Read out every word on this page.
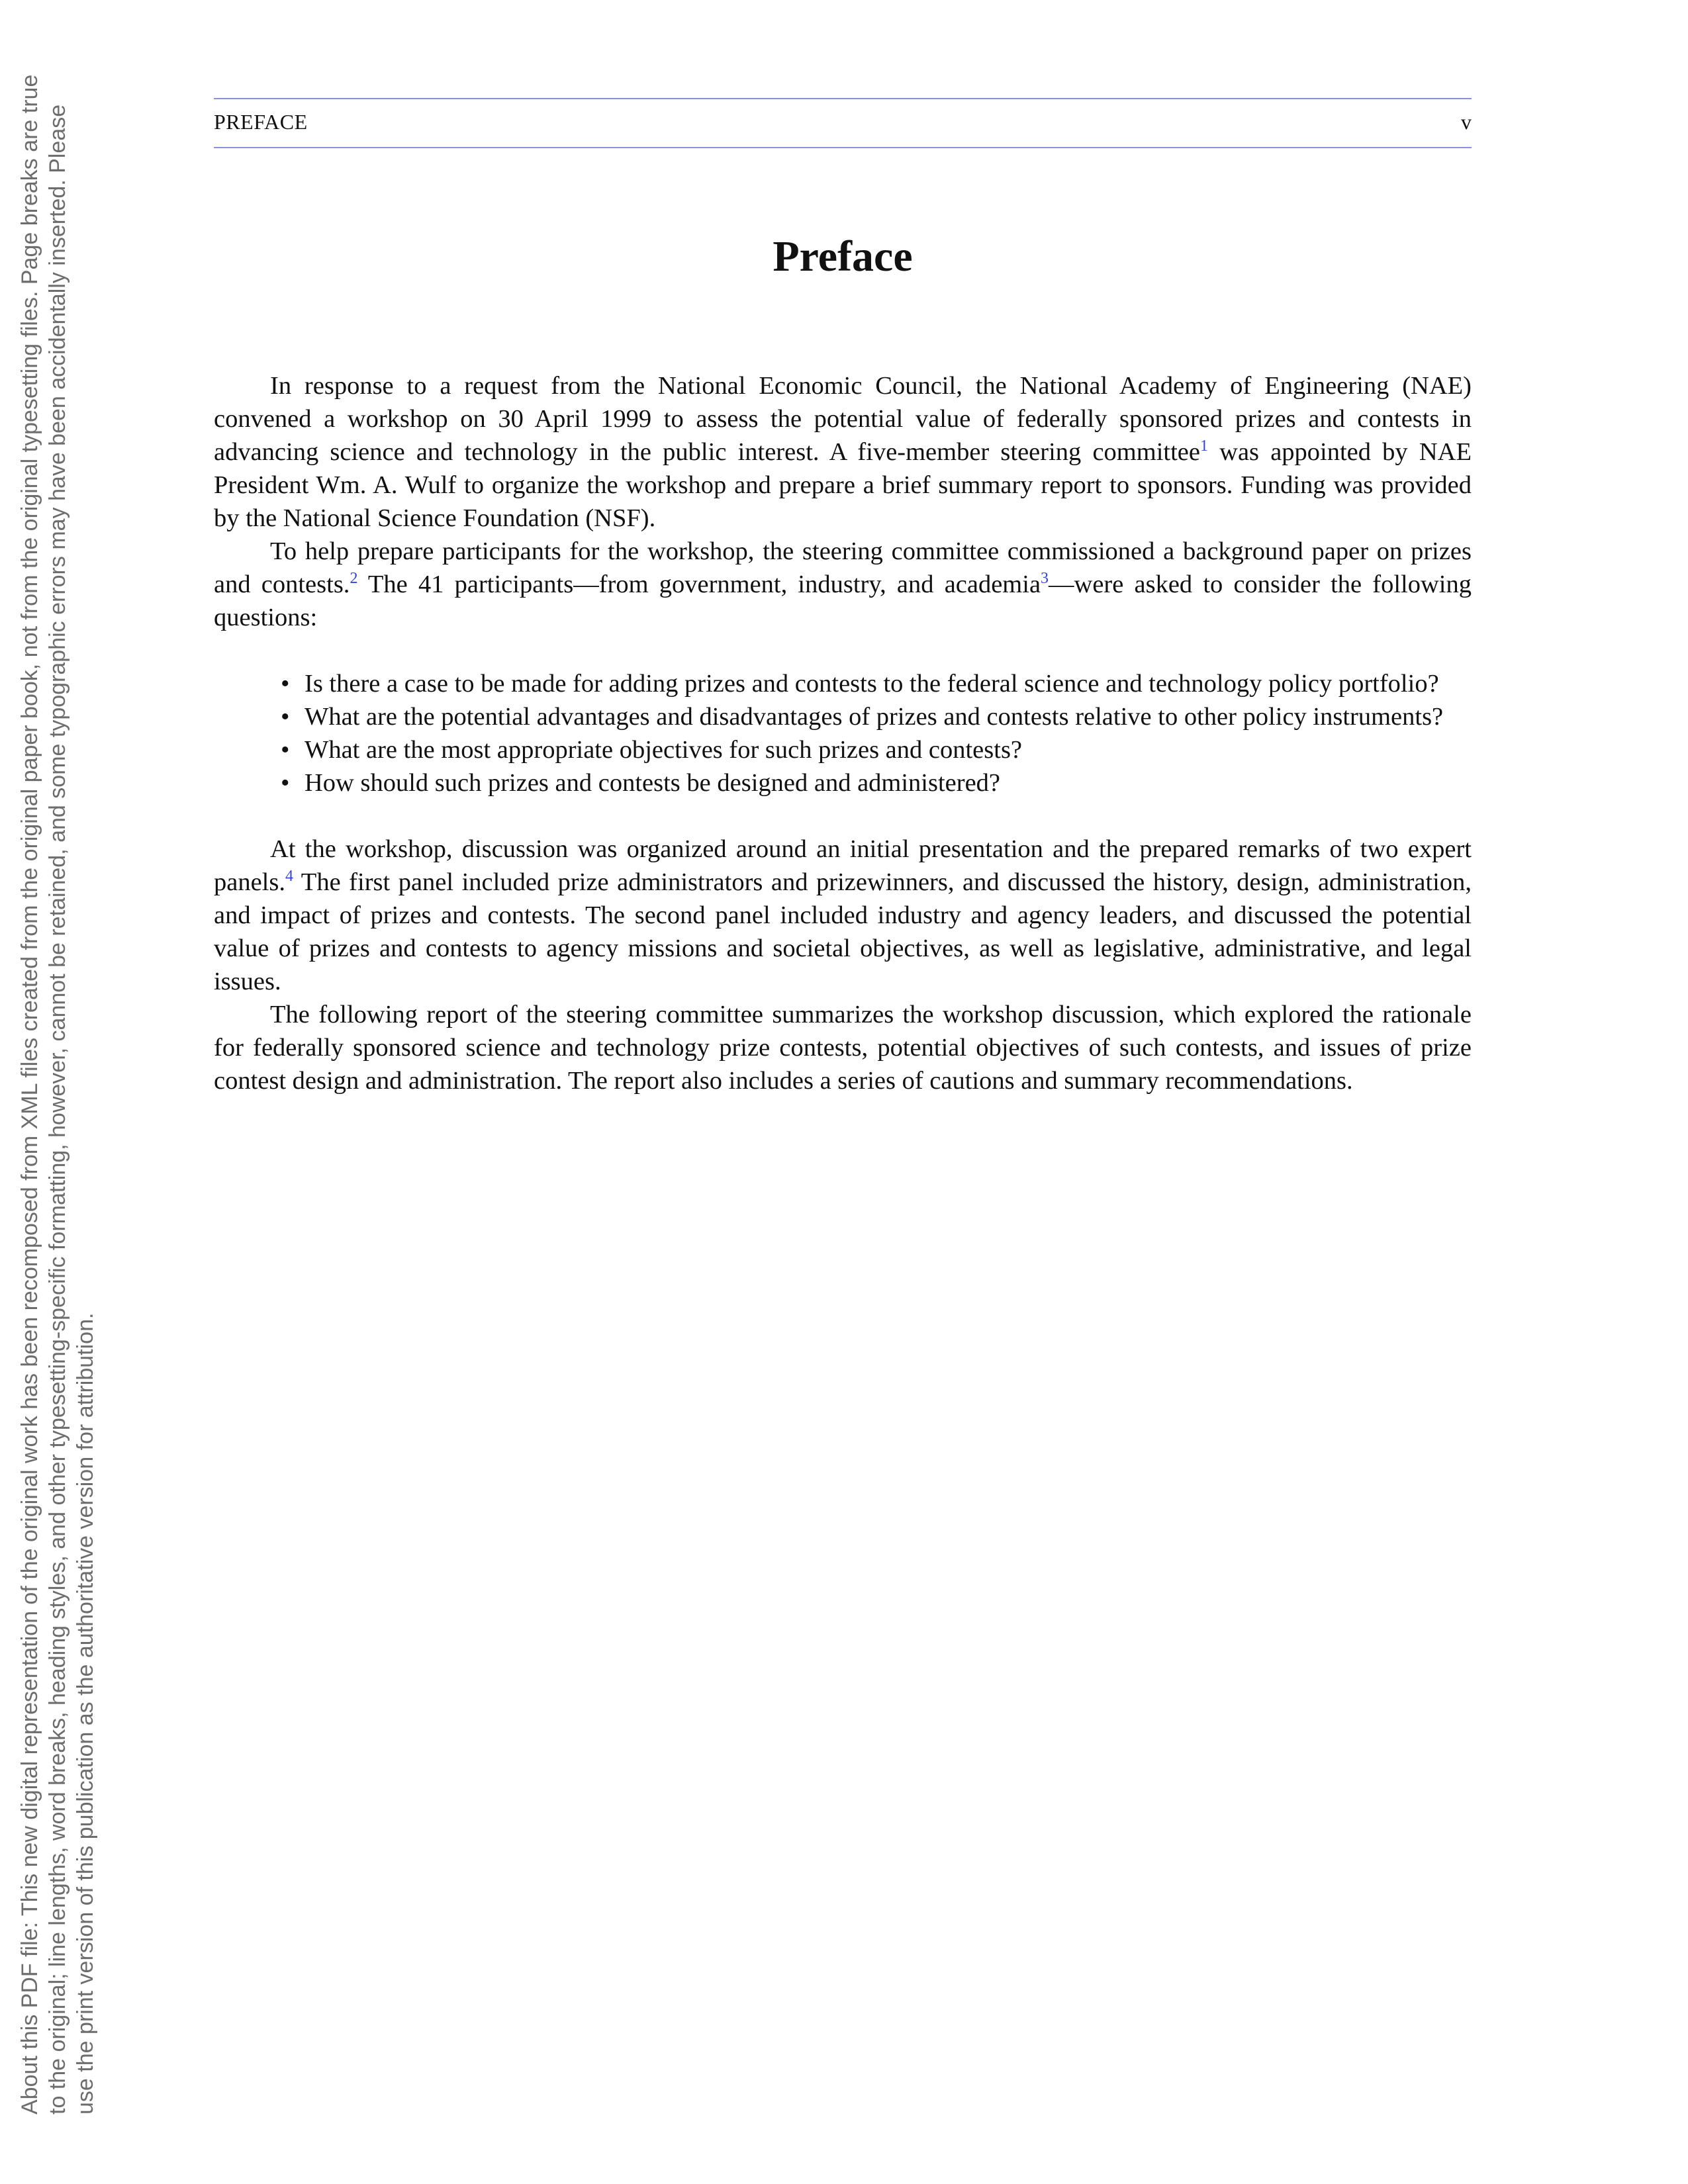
About this PDF file: This new digital representation of the original work has been recomposed from XML files created from the original paper book, not from the original typesetting files. Page breaks are true to the original; line lengths, word breaks, heading styles, and other typesetting-specific formatting, however, cannot be retained, and some typographic errors may have been accidentally inserted. Please use the print version of this publication as the authoritative version for attribution.
PREFACE	v
Preface

In response to a request from the National Economic Council, the National Academy of Engineering (NAE) convened a workshop on 30 April 1999 to assess the potential value of federally sponsored prizes and contests in advancing science and technology in the public interest. A five-member steering committee$^1$ was appointed by NAE President Wm. A. Wulf to organize the workshop and prepare a brief summary report to sponsors. Funding was provided by the National Science Foundation (NSF).

To help prepare participants for the workshop, the steering committee commissioned a background paper on prizes and contests.$^2$ The 41 participants—from government, industry, and academia$^3$—were asked to consider the following questions:

• Is there a case to be made for adding prizes and contests to the federal science and technology policy portfolio?
• What are the potential advantages and disadvantages of prizes and contests relative to other policy instruments?
• What are the most appropriate objectives for such prizes and contests?
• How should such prizes and contests be designed and administered?

At the workshop, discussion was organized around an initial presentation and the prepared remarks of two expert panels.$^4$ The first panel included prize administrators and prizewinners, and discussed the history, design, administration, and impact of prizes and contests. The second panel included industry and agency leaders, and discussed the potential value of prizes and contests to agency missions and societal objectives, as well as legislative, administrative, and legal issues.

The following report of the steering committee summarizes the workshop discussion, which explored the rationale for federally sponsored science and technology prize contests, potential objectives of such contests, and issues of prize contest design and administration. The report also includes a series of cautions and summary recommendations.
